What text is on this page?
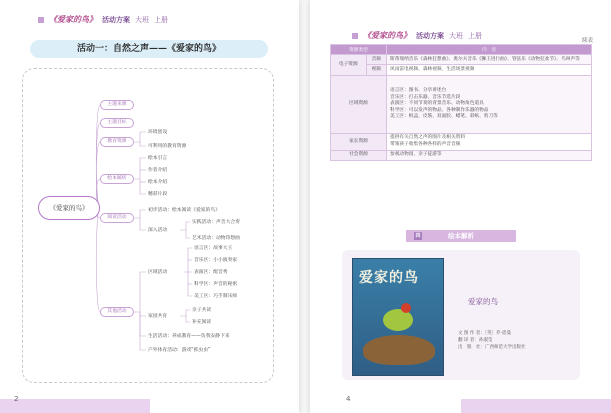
《爱家的鸟》 活动方案 大班 上册
活动一：自然之声——《爱家的鸟》
《爱家的鸟》
主题来源
主题目标
教育资源
绘本解析
阅读活动
其他活动
环境创设
可利用的教育资源
绘本引言
作者介绍
绘本介绍
精彩片段
初步活动：绘本阅读《爱家的鸟》
深入活动
实践活动：声音大合奏
艺术活动：动物印想曲
区域活动
语言区：故事大王
音乐区：小小演奏家
表演区：配音秀
科学区：声音的秘密
美工区：巧手制乐师
家园共育
亲子共读
补充阅读
生活活动：养成教育——负我安静下来
户外体育活动：游戏“抓虫虫”
2
《爱家的鸟》 活动方案 大班 上册
续表
资源类型		内　容
电子资源	音频	斯蒂瑞纳音乐《森林狂想曲》、奥尔夫音乐《狮王进行曲》、管弦乐《动物狂欢节》、鸟叫声等
	视频	风雨雷电视频、森林视频、生活场景视频
区域资源		语言区：图书、分享讲述台
音乐区：打击乐器、音乐节选片段
表演区：不同节奏的背景音乐、动物角色道具
科学区：可以发声的物品、各种制作乐器的物品
美工区：纸盒、皮筋、双面胶、蜡笔、彩纸、剪刀等
家长资源		提供有关自然之声的图片及相关资料
带领孩子收集各种各样的声音音频
社会资源		参观动物园、亲子徒游等
四	绘本解析
爱家的鸟
爱家的鸟
文 图 作 者：［英］乔·恩曼
翻 译 者：孙淑莹
出　版　社：广西师范大学出版社
4
